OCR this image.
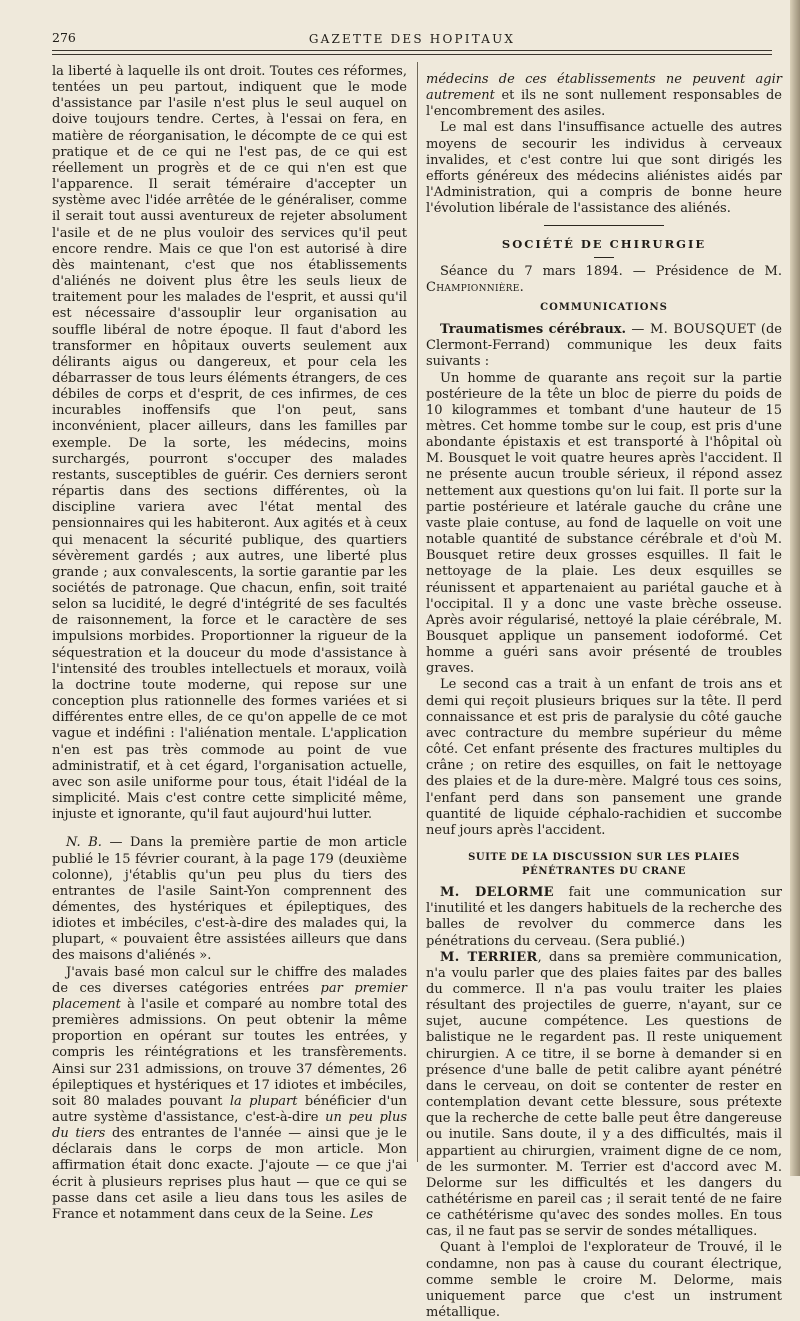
276	GAZETTE DES HOPITAUX

la liberté à laquelle ils ont droit. Toutes ces réformes, tentées un peu partout, indiquent que le mode d'assistance par l'asile n'est plus le seul auquel on doive toujours tendre. Certes, à l'essai on fera, en matière de réorganisation, le décompte de ce qui est pratique et de ce qui ne l'est pas, de ce qui est réellement un progrès et de ce qui n'en est que l'apparence. Il serait téméraire d'accepter un système avec l'idée arrêtée de le généraliser, comme il serait tout aussi aventureux de rejeter absolument l'asile et de ne plus vouloir des services qu'il peut encore rendre. Mais ce que l'on est autorisé à dire dès maintenant, c'est que nos établissements d'aliénés ne doivent plus être les seuls lieux de traitement pour les malades de l'esprit, et aussi qu'il est nécessaire d'assouplir leur organisation au souffle libéral de notre époque. Il faut d'abord les transformer en hôpitaux ouverts seulement aux délirants aigus ou dangereux, et pour cela les débarrasser de tous leurs éléments étrangers, de ces débiles de corps et d'esprit, de ces infirmes, de ces incurables inoffensifs que l'on peut, sans inconvénient, placer ailleurs, dans les familles par exemple. De la sorte, les médecins, moins surchargés, pourront s'occuper des malades restants, susceptibles de guérir. Ces derniers seront répartis dans des sections différentes, où la discipline variera avec l'état mental des pensionnaires qui les habiteront. Aux agités et à ceux qui menacent la sécurité publique, des quartiers sévèrement gardés ; aux autres, une liberté plus grande ; aux convalescents, la sortie garantie par les sociétés de patronage. Que chacun, enfin, soit traité selon sa lucidité, le degré d'intégrité de ses facultés de raisonnement, la force et le caractère de ses impulsions morbides. Proportionner la rigueur de la séquestration et la douceur du mode d'assistance à l'intensité des troubles intellectuels et moraux, voilà la doctrine toute moderne, qui repose sur une conception plus rationnelle des formes variées et si différentes entre elles, de ce qu'on appelle de ce mot vague et indéfini : l'aliénation mentale. L'application n'en est pas très commode au point de vue administratif, et à cet égard, l'organisation actuelle, avec son asile uniforme pour tous, était l'idéal de la simplicité. Mais c'est contre cette simplicité même, injuste et ignorante, qu'il faut aujourd'hui lutter.

N. B. — Dans la première partie de mon article publié le 15 février courant, à la page 179 (deuxième colonne), j'établis qu'un peu plus du tiers des entrantes de l'asile Saint-Yon comprennent des démentes, des hystériques et épileptiques, des idiotes et imbéciles, c'est-à-dire des malades qui, la plupart, « pouvaient être assistées ailleurs que dans des maisons d'aliénés ».

J'avais basé mon calcul sur le chiffre des malades de ces diverses catégories entrées par premier placement à l'asile et comparé au nombre total des premières admissions. On peut obtenir la même proportion en opérant sur toutes les entrées, y compris les réintégrations et les transfèrements. Ainsi sur 231 admissions, on trouve 37 démentes, 26 épileptiques et hystériques et 17 idiotes et imbéciles, soit 80 malades pouvant la plupart bénéficier d'un autre système d'assistance, c'est-à-dire un peu plus du tiers des entrantes de l'année — ainsi que je le déclarais dans le corps de mon article. Mon affirmation était donc exacte. J'ajoute — ce que j'ai écrit à plusieurs reprises plus haut — que ce qui se passe dans cet asile a lieu dans tous les asiles de France et notamment dans ceux de la Seine. Les

médecins de ces établissements ne peuvent agir autrement et ils ne sont nullement responsables de l'encombrement des asiles.

Le mal est dans l'insuffisance actuelle des autres moyens de secourir les individus à cerveaux invalides, et c'est contre lui que sont dirigés les efforts généreux des médecins aliénistes aidés par l'Administration, qui a compris de bonne heure l'évolution libérale de l'assistance des aliénés.

SOCIÉTÉ DE CHIRURGIE

Séance du 7 mars 1894. — Présidence de M. Championnière.

COMMUNICATIONS

Traumatismes cérébraux. — M. BOUSQUET (de Clermont-Ferrand) communique les deux faits suivants :

Un homme de quarante ans reçoit sur la partie postérieure de la tête un bloc de pierre du poids de 10 kilogrammes et tombant d'une hauteur de 15 mètres. Cet homme tombe sur le coup, est pris d'une abondante épistaxis et est transporté à l'hôpital où M. Bousquet le voit quatre heures après l'accident. Il ne présente aucun trouble sérieux, il répond assez nettement aux questions qu'on lui fait. Il porte sur la partie postérieure et latérale gauche du crâne une vaste plaie contuse, au fond de laquelle on voit une notable quantité de substance cérébrale et d'où M. Bousquet retire deux grosses esquilles. Il fait le nettoyage de la plaie. Les deux esquilles se réunissent et appartenaient au pariétal gauche et à l'occipital. Il y a donc une vaste brèche osseuse. Après avoir régularisé, nettoyé la plaie cérébrale, M. Bousquet applique un pansement iodoformé. Cet homme a guéri sans avoir présenté de troubles graves.

Le second cas a trait à un enfant de trois ans et demi qui reçoit plusieurs briques sur la tête. Il perd connaissance et est pris de paralysie du côté gauche avec contracture du membre supérieur du même côté. Cet enfant présente des fractures multiples du crâne ; on retire des esquilles, on fait le nettoyage des plaies et de la dure-mère. Malgré tous ces soins, l'enfant perd dans son pansement une grande quantité de liquide céphalo-rachidien et succombe neuf jours après l'accident.

SUITE DE LA DISCUSSION SUR LES PLAIES PÉNÉTRANTES DU CRANE

M. DELORME fait une communication sur l'inutilité et les dangers habituels de la recherche des balles de revolver du commerce dans les pénétrations du cerveau. (Sera publié.)

M. TERRIER, dans sa première communication, n'a voulu parler que des plaies faites par des balles du commerce. Il n'a pas voulu traiter les plaies résultant des projectiles de guerre, n'ayant, sur ce sujet, aucune compétence. Les questions de balistique ne le regardent pas. Il reste uniquement chirurgien. A ce titre, il se borne à demander si en présence d'une balle de petit calibre ayant pénétré dans le cerveau, on doit se contenter de rester en contemplation devant cette blessure, sous prétexte que la recherche de cette balle peut être dangereuse ou inutile. Sans doute, il y a des difficultés, mais il appartient au chirurgien, vraiment digne de ce nom, de les surmonter. M. Terrier est d'accord avec M. Delorme sur les difficultés et les dangers du cathétérisme en pareil cas ; il serait tenté de ne faire ce cathétérisme qu'avec des sondes molles. En tous cas, il ne faut pas se servir de sondes métalliques.

Quant à l'emploi de l'explorateur de Trouvé, il le condamne, non pas à cause du courant électrique, comme semble le croire M. Delorme, mais uniquement parce que c'est un instrument métallique.
